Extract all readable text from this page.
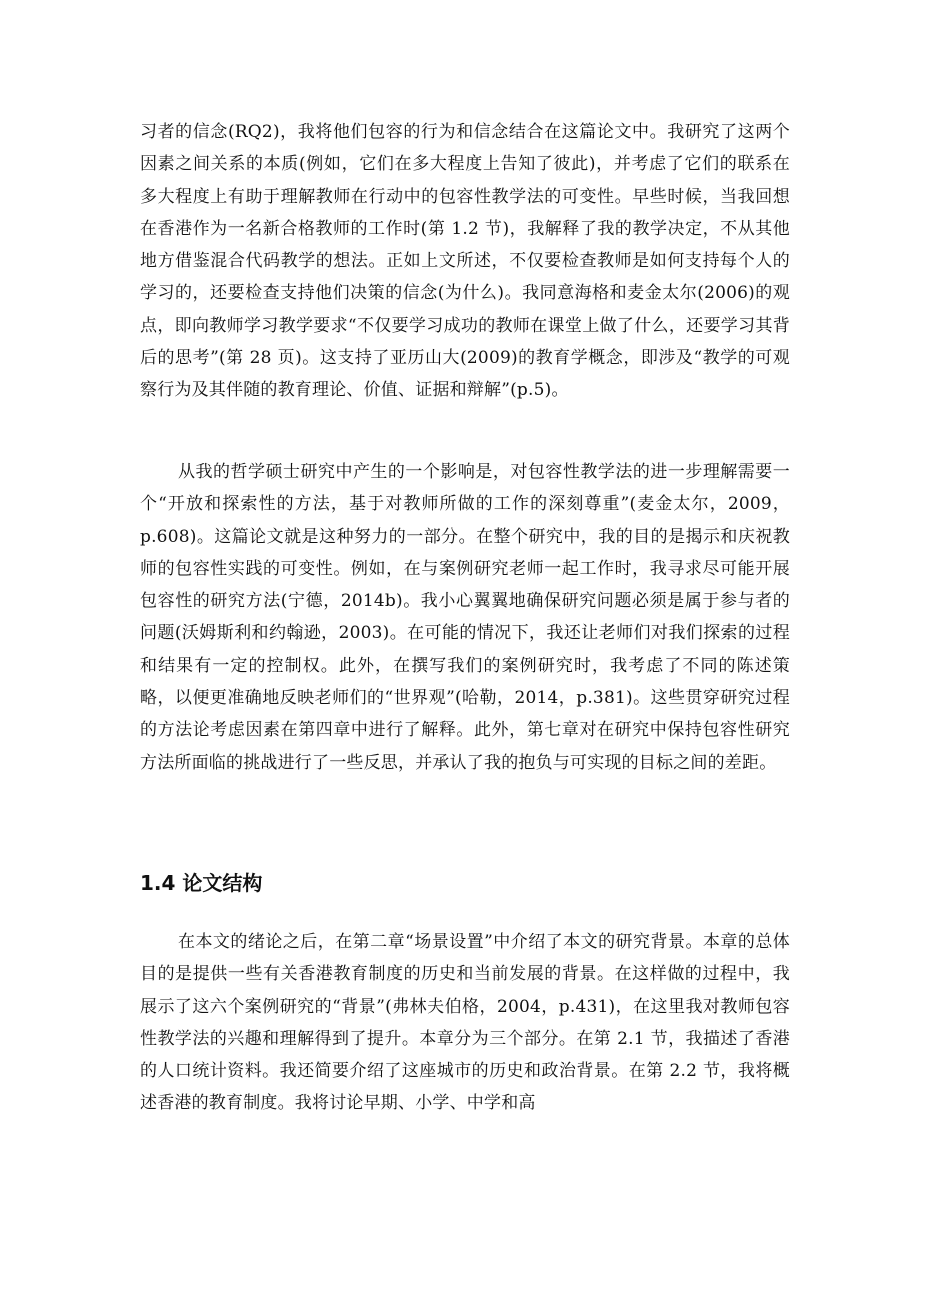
习者的信念(RQ2)，我将他们包容的行为和信念结合在这篇论文中。我研究了这两个因素之间关系的本质(例如，它们在多大程度上告知了彼此)，并考虑了它们的联系在多大程度上有助于理解教师在行动中的包容性教学法的可变性。早些时候，当我回想在香港作为一名新合格教师的工作时(第 1.2 节)，我解释了我的教学决定，不从其他地方借鉴混合代码教学的想法。正如上文所述，不仅要检查教师是如何支持每个人的学习的，还要检查支持他们决策的信念(为什么)。我同意海格和麦金太尔(2006)的观点，即向教师学习教学要求“不仅要学习成功的教师在课堂上做了什么，还要学习其背后的思考”(第 28 页)。这支持了亚历山大(2009)的教育学概念，即涉及“教学的可观察行为及其伴随的教育理论、价值、证据和辩解”(p.5)。

从我的哲学硕士研究中产生的一个影响是，对包容性教学法的进一步理解需要一个“开放和探索性的方法，基于对教师所做的工作的深刻尊重”(麦金太尔，2009，p.608)。这篇论文就是这种努力的一部分。在整个研究中，我的目的是揭示和庆祝教师的包容性实践的可变性。例如，在与案例研究老师一起工作时，我寻求尽可能开展包容性的研究方法(宁德，2014b)。我小心翼翼地确保研究问题必须是属于参与者的问题(沃姆斯利和约翰逊，2003)。在可能的情况下，我还让老师们对我们探索的过程和结果有一定的控制权。此外，在撰写我们的案例研究时，我考虑了不同的陈述策略，以便更准确地反映老师们的“世界观”(哈勒，2014，p.381)。这些贯穿研究过程的方法论考虑因素在第四章中进行了解释。此外，第七章对在研究中保持包容性研究方法所面临的挑战进行了一些反思，并承认了我的抱负与可实现的目标之间的差距。

1.4 论文结构

在本文的绪论之后，在第二章“场景设置”中介绍了本文的研究背景。本章的总体目的是提供一些有关香港教育制度的历史和当前发展的背景。在这样做的过程中，我展示了这六个案例研究的“背景”(弗林夫伯格，2004，p.431)，在这里我对教师包容性教学法的兴趣和理解得到了提升。本章分为三个部分。在第 2.1 节，我描述了香港的人口统计资料。我还简要介绍了这座城市的历史和政治背景。在第 2.2 节，我将概述香港的教育制度。我将讨论早期、小学、中学和高
